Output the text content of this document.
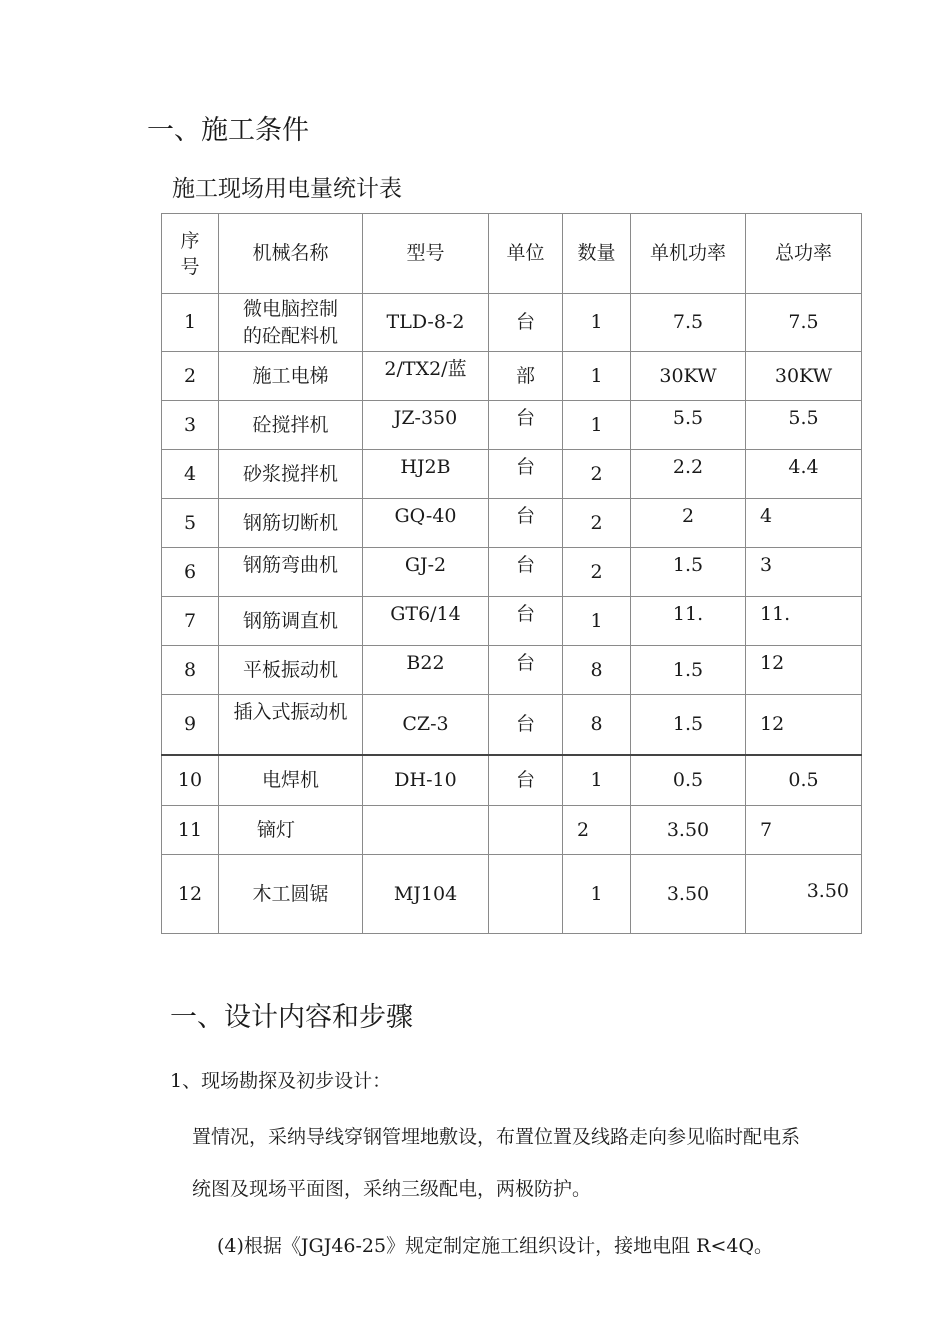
一、施工条件
施工现场用电量统计表
序
号	机械名称	型号	单位	数量	单机功率	总功率
1	微电脑控制
的砼配料机	TLD-8-2	台	1	7.5	7.5
2	施工电梯	2/TX2/蓝	部	1	30KW	30KW
3	砼搅拌机	JZ-350	台	1	5.5	5.5
4	砂浆搅拌机	HJ2B	台	2	2.2	4.4
5	钢筋切断机	GQ-40	台	2	2	4
6	钢筋弯曲机	GJ-2	台	2	1.5	3
7	钢筋调直机	GT6/14	台	1	11.	11.
8	平板振动机	B22	台	8	1.5	12
9	插入式振动机	CZ-3	台	8	1.5	12
10	电焊机	DH-10	台	1	0.5	0.5
11	镝灯			2	3.50	7
12	木工圆锯	MJ104		1	3.50	3.50
一、设计内容和步骤
1、现场勘探及初步设计：
置情况，采纳导线穿钢管埋地敷设，布置位置及线路走向参见临时配电系
统图及现场平面图，采纳三级配电，两极防护。
(4)根据《JGJ46-25》规定制定施工组织设计，接地电阻 R<4Q。
